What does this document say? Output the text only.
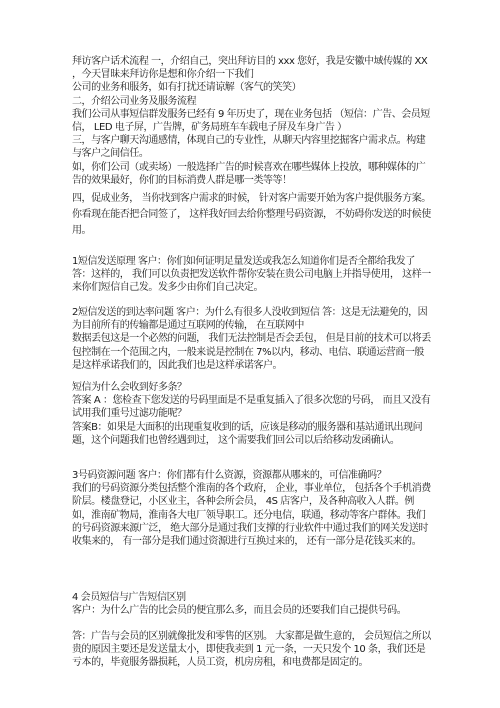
拜访客户话术流程 一，介绍自己，突出拜访目的 xxx 您好，我是安徽中域传媒的 XX ，今天冒昧来拜访你是想和你介绍一下我们
公司的业务和服务，如有打扰还请谅解（客气的笑笑）
二，介绍公司业务及服务流程
我们公司从事短信群发服务已经有 9 年历史了，现在业务包括 （短信：广告、会员短信， LED 电子屏，广告牌，矿务局班车车载电子屏及车身广告 ）
三，与客户聊天沟通感情，体现自己的专业性，从聊天内容里挖掘客户需求点。构建与客户之间信任。
如，你们公司（或卖场）一般选择广告的时候喜欢在哪些媒体上投放，哪种媒体的广告的效果最好，你们的目标消费人群是哪一类等等！

四，促成业务， 当你找到客户需求的时候， 针对客户需要开始为客户提供服务方案。你看现在能否把合同签了， 这样我好回去给你整理号码资源， 不妨碍你发送的时候使用。

1短信发送原理 客户：你们如何证明足量发送或我怎么知道你们是否全都给我发了答：这样的， 我们可以负责把发送软件帮你安装在贵公司电脑上并指导使用， 这样一来你们短信自己发。发多少由你们自己决定。

2短信发送的到达率问题 客户：为什么有很多人没收到短信 答：这是无法避免的，因为目前所有的传输都是通过互联网的传输， 在互联网中
数据丢包这是一个必然的问题， 我们无法控制是否会丢包， 但是目前的技术可以将丢包控制在一个范围之内，一般来说是控制在 7%以内，移动、电信、联通运营商一般是这样承诺我们的，因此我们也是这样承诺客户。

短信为什么会收到好多条？
答案 A ：您检查下您发送的号码里面是不是重复插入了很多次您的号码， 而且又没有试用我们重号过滤功能呢？
答案B：如果是大面积的出现重复收到的话，应该是移动的服务器和基站通讯出现问题，这个问题我们也曾经遇到过， 这个需要我们回公司以后给移动发函确认。

3号码资源问题 客户：你们都有什么资源，资源都从哪来的，可信准确吗？
我们的号码资源分类包括整个淮南的各个政府， 企业，事业单位， 包括各个手机消费阶层。楼盘登记，小区业主，各种会所会员， 4S 店客户，及各种高收入人群。例如，淮南矿物局，淮南各大电厂领导职工。还分电信，联通，移动等客户群体。我们的号码资源来源广泛， 绝大部分是通过我们支撑的行业软件中通过我们的网关发送时收集来的， 有一部分是我们通过资源进行互换过来的， 还有一部分是花钱买来的。

4 会员短信与广告短信区别
客户：为什么广告的比会员的便宜那么多，而且会员的还要我们自己提供号码。

答：广告与会员的区别就像批发和零售的区别。 大家都是做生意的， 会员短信之所以贵的原因主要还是发送量太小，即使我卖到 1 元一条，一天只发个 10 条，我们还是亏本的，毕竟服务器损耗，人员工资，机房房租，和电费都是固定的。
